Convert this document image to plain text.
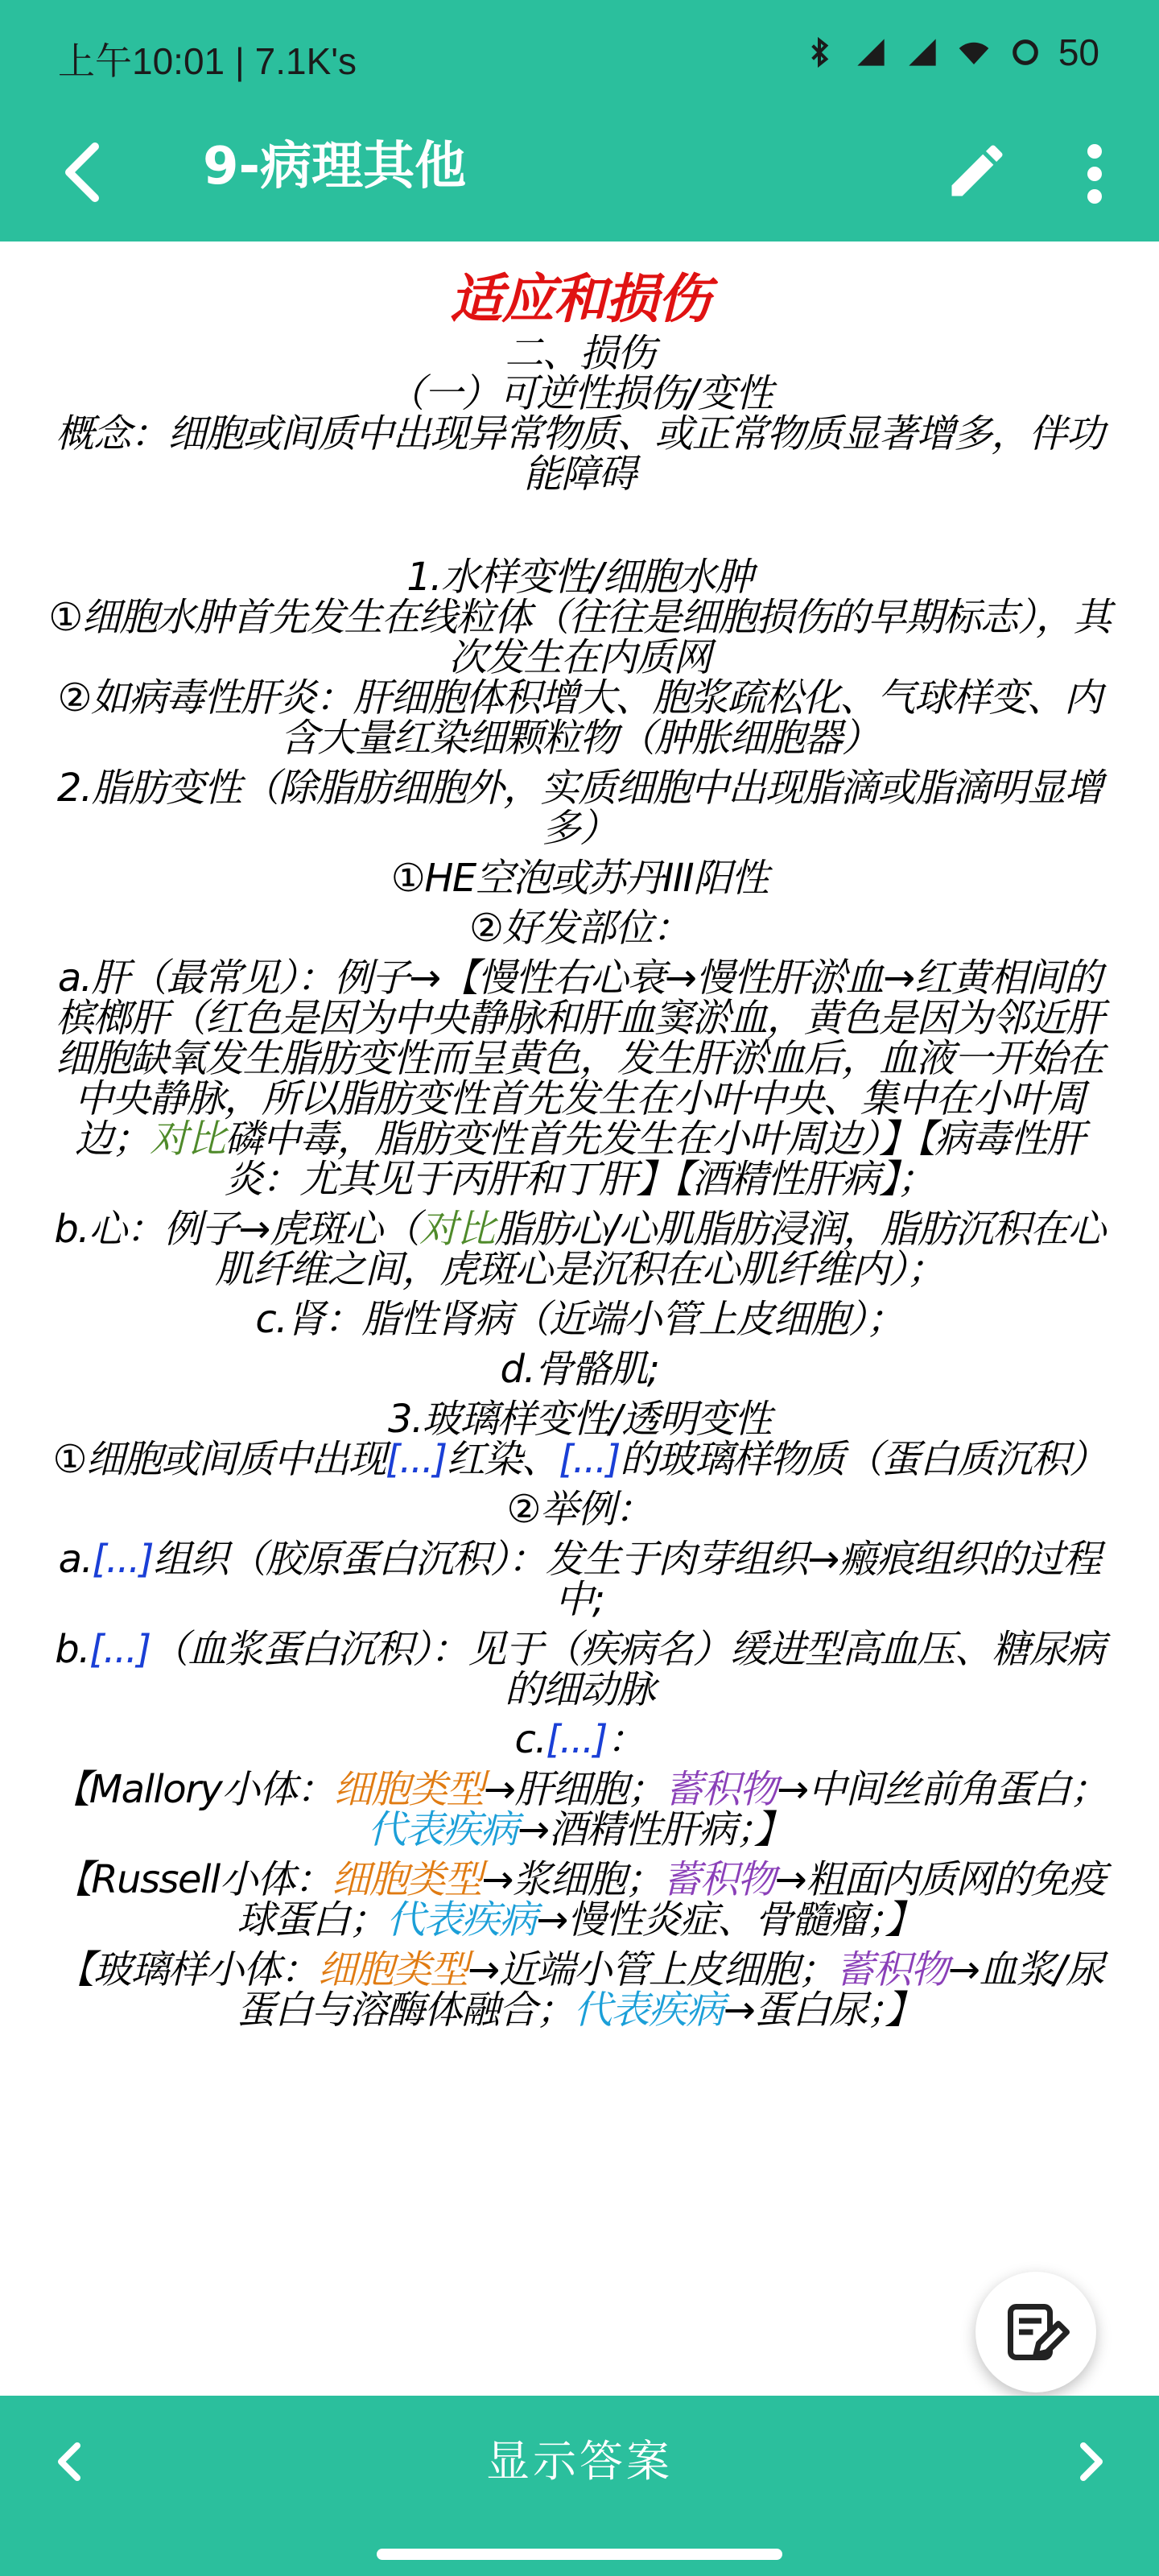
上午10:01 | 7.1K's	50
9-病理其他

适应和损伤

二、损伤

（一）可逆性损伤/变性

概念：细胞或间质中出现异常物质、或正常物质显著增多，伴功能障碍

1.水样变性/细胞水肿

①细胞水肿首先发生在线粒体（往往是细胞损伤的早期标志），其次发生在内质网

②如病毒性肝炎：肝细胞体积增大、胞浆疏松化、气球样变、内含大量红染细颗粒物（肿胀细胞器）

2.脂肪变性（除脂肪细胞外，实质细胞中出现脂滴或脂滴明显增多）

①HE空泡或苏丹III阳性

②好发部位：

a.肝（最常见）：例子→【慢性右心衰→慢性肝淤血→红黄相间的槟榔肝（红色是因为中央静脉和肝血窦淤血，黄色是因为邻近肝细胞缺氧发生脂肪变性而呈黄色，发生肝淤血后，血液一开始在中央静脉，所以脂肪变性首先发生在小叶中央、集中在小叶周边；对比磷中毒，脂肪变性首先发生在小叶周边）】【病毒性肝炎：尤其见于丙肝和丁肝】【酒精性肝病】；

b.心：例子→虎斑心（对比脂肪心/心肌脂肪浸润，脂肪沉积在心肌纤维之间，虎斑心是沉积在心肌纤维内）；

c.肾：脂性肾病（近端小管上皮细胞）；

d.骨骼肌;

3.玻璃样变性/透明变性

①细胞或间质中出现[...]红染、[...]的玻璃样物质（蛋白质沉积）

②举例：

a.[...]组织（胶原蛋白沉积）：发生于肉芽组织→瘢痕组织的过程中;

b.[...]（血浆蛋白沉积）：见于（疾病名）缓进型高血压、糖尿病的细动脉

c.[...]：

【Mallory小体：细胞类型→肝细胞；蓄积物→中间丝前角蛋白；代表疾病→酒精性肝病；】

【Russell小体：细胞类型→浆细胞；蓄积物→粗面内质网的免疫球蛋白；代表疾病→慢性炎症、骨髓瘤；】

【玻璃样小体：细胞类型→近端小管上皮细胞；蓄积物→血浆/尿蛋白与溶酶体融合；代表疾病→蛋白尿；】

显示答案
